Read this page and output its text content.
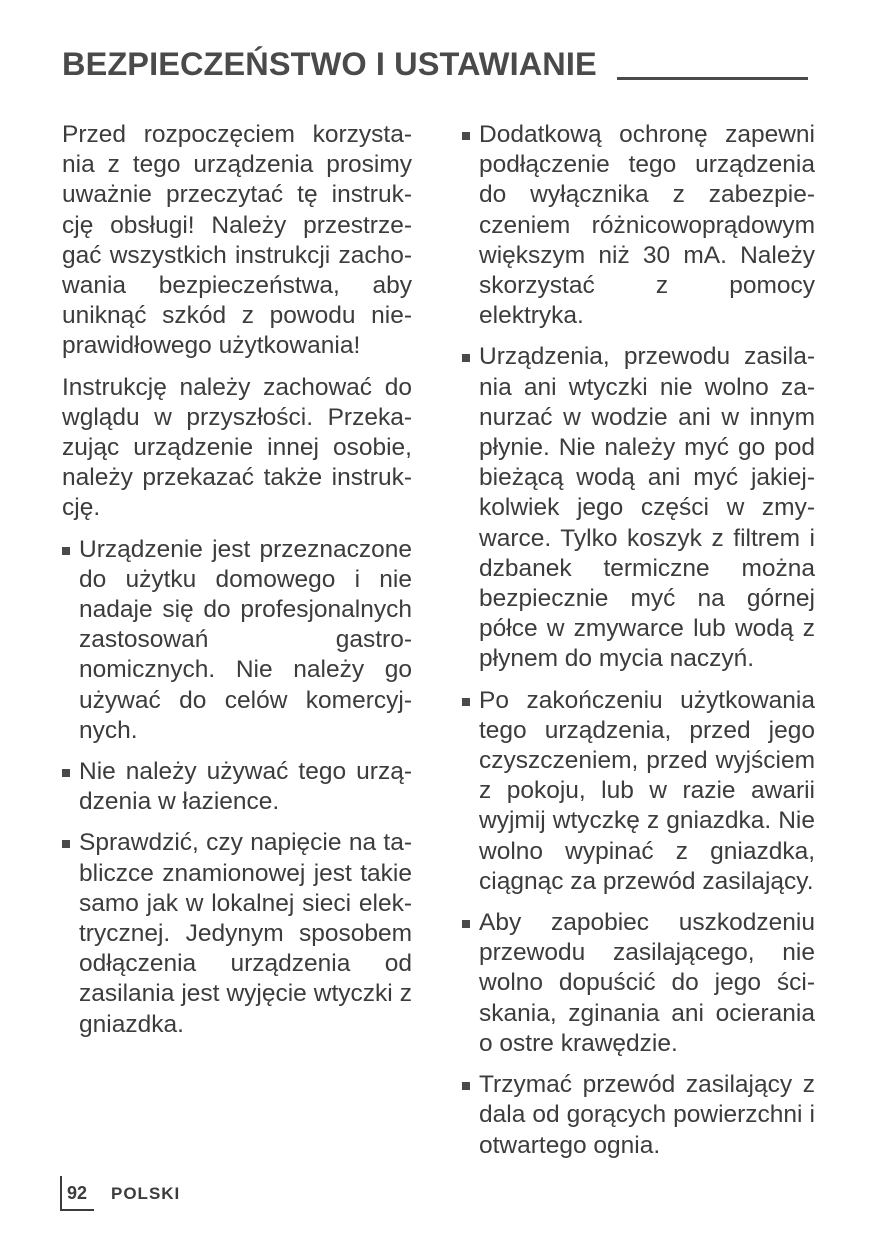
BEZPIECZEŃSTWO I USTAWIANIE

Przed rozpoczęciem korzystania z tego urządzenia prosimy uważnie przeczytać tę instrukcję obsługi! Należy przestrzegać wszystkich instrukcji zachowania bezpieczeństwa, aby uniknąć szkód z powodu nieprawidłowego użytkowania!

Instrukcję należy zachować do wglądu w przyszłości. Przekazując urządzenie innej osobie, należy przekazać także instrukcję.

Urządzenie jest przeznaczone do użytku domowego i nie nadaje się do profesjonalnych zastosowań gastronomicznych. Nie należy go używać do celów komercyjnych.
Nie należy używać tego urządzenia w łazience.
Sprawdzić, czy napięcie na tabliczce znamionowej jest takie samo jak w lokalnej sieci elektrycznej. Jedynym sposobem odłączenia urządzenia od zasilania jest wyjęcie wtyczki z gniazdka.
Dodatkową ochronę zapewni podłączenie tego urządzenia do wyłącznika z zabezpieczeniem różnicowoprądowym większym niż 30 mA. Należy skorzystać z pomocy elektryka.
Urządzenia, przewodu zasilania ani wtyczki nie wolno zanurzać w wodzie ani w innym płynie. Nie należy myć go pod bieżącą wodą ani myć jakiejkolwiek jego części w zmywarce. Tylko koszyk z filtrem i dzbanek termiczne można bezpiecznie myć na górnej półce w zmywarce lub wodą z płynem do mycia naczyń.
Po zakończeniu użytkowania tego urządzenia, przed jego czyszczeniem, przed wyjściem z pokoju, lub w razie awarii wyjmij wtyczkę z gniazdka. Nie wolno wypinać z gniazdka, ciągnąc za przewód zasilający.
Aby zapobiec uszkodzeniu przewodu zasilającego, nie wolno dopuścić do jego ściskania, zginania ani ocierania o ostre krawędzie.
Trzymać przewód zasilający z dala od gorących powierzchni i otwartego ognia.
92 POLSKI
